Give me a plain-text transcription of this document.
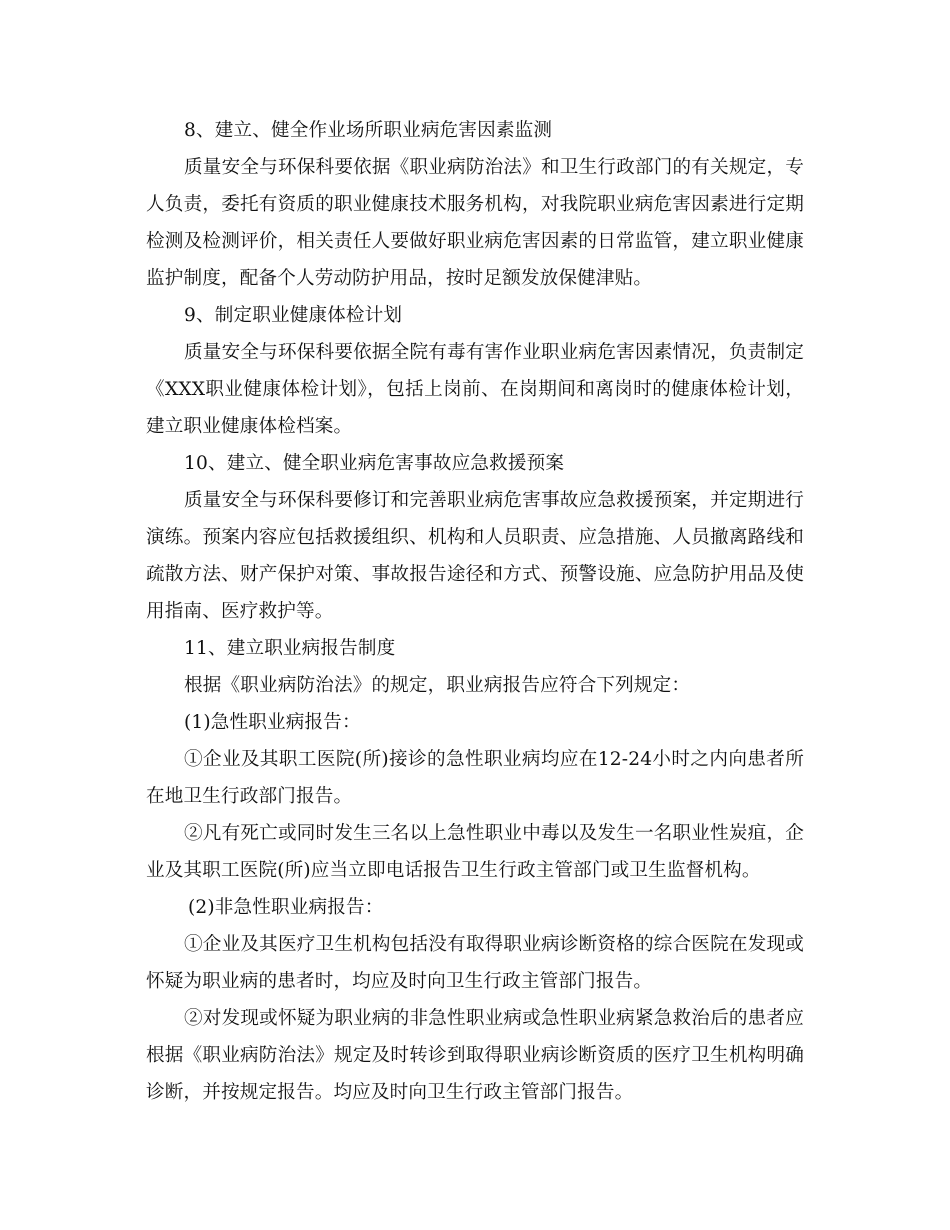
8、建立、健全作业场所职业病危害因素监测

质量安全与环保科要依据《职业病防治法》和卫生行政部门的有关规定，专人负责，委托有资质的职业健康技术服务机构，对我院职业病危害因素进行定期检测及检测评价，相关责任人要做好职业病危害因素的日常监管，建立职业健康监护制度，配备个人劳动防护用品，按时足额发放保健津贴。

9、制定职业健康体检计划

质量安全与环保科要依据全院有毒有害作业职业病危害因素情况，负责制定《XXX职业健康体检计划》，包括上岗前、在岗期间和离岗时的健康体检计划，建立职业健康体检档案。

10、建立、健全职业病危害事故应急救援预案

质量安全与环保科要修订和完善职业病危害事故应急救援预案，并定期进行演练。预案内容应包括救援组织、机构和人员职责、应急措施、人员撤离路线和疏散方法、财产保护对策、事故报告途径和方式、预警设施、应急防护用品及使用指南、医疗救护等。

11、建立职业病报告制度

根据《职业病防治法》的规定，职业病报告应符合下列规定：

(1)急性职业病报告：

①企业及其职工医院(所)接诊的急性职业病均应在12-24小时之内向患者所在地卫生行政部门报告。

②凡有死亡或同时发生三名以上急性职业中毒以及发生一名职业性炭疽，企业及其职工医院(所)应当立即电话报告卫生行政主管部门或卫生监督机构。

(2)非急性职业病报告：

①企业及其医疗卫生机构包括没有取得职业病诊断资格的综合医院在发现或怀疑为职业病的患者时，均应及时向卫生行政主管部门报告。

②对发现或怀疑为职业病的非急性职业病或急性职业病紧急救治后的患者应根据《职业病防治法》规定及时转诊到取得职业病诊断资质的医疗卫生机构明确诊断，并按规定报告。均应及时向卫生行政主管部门报告。
